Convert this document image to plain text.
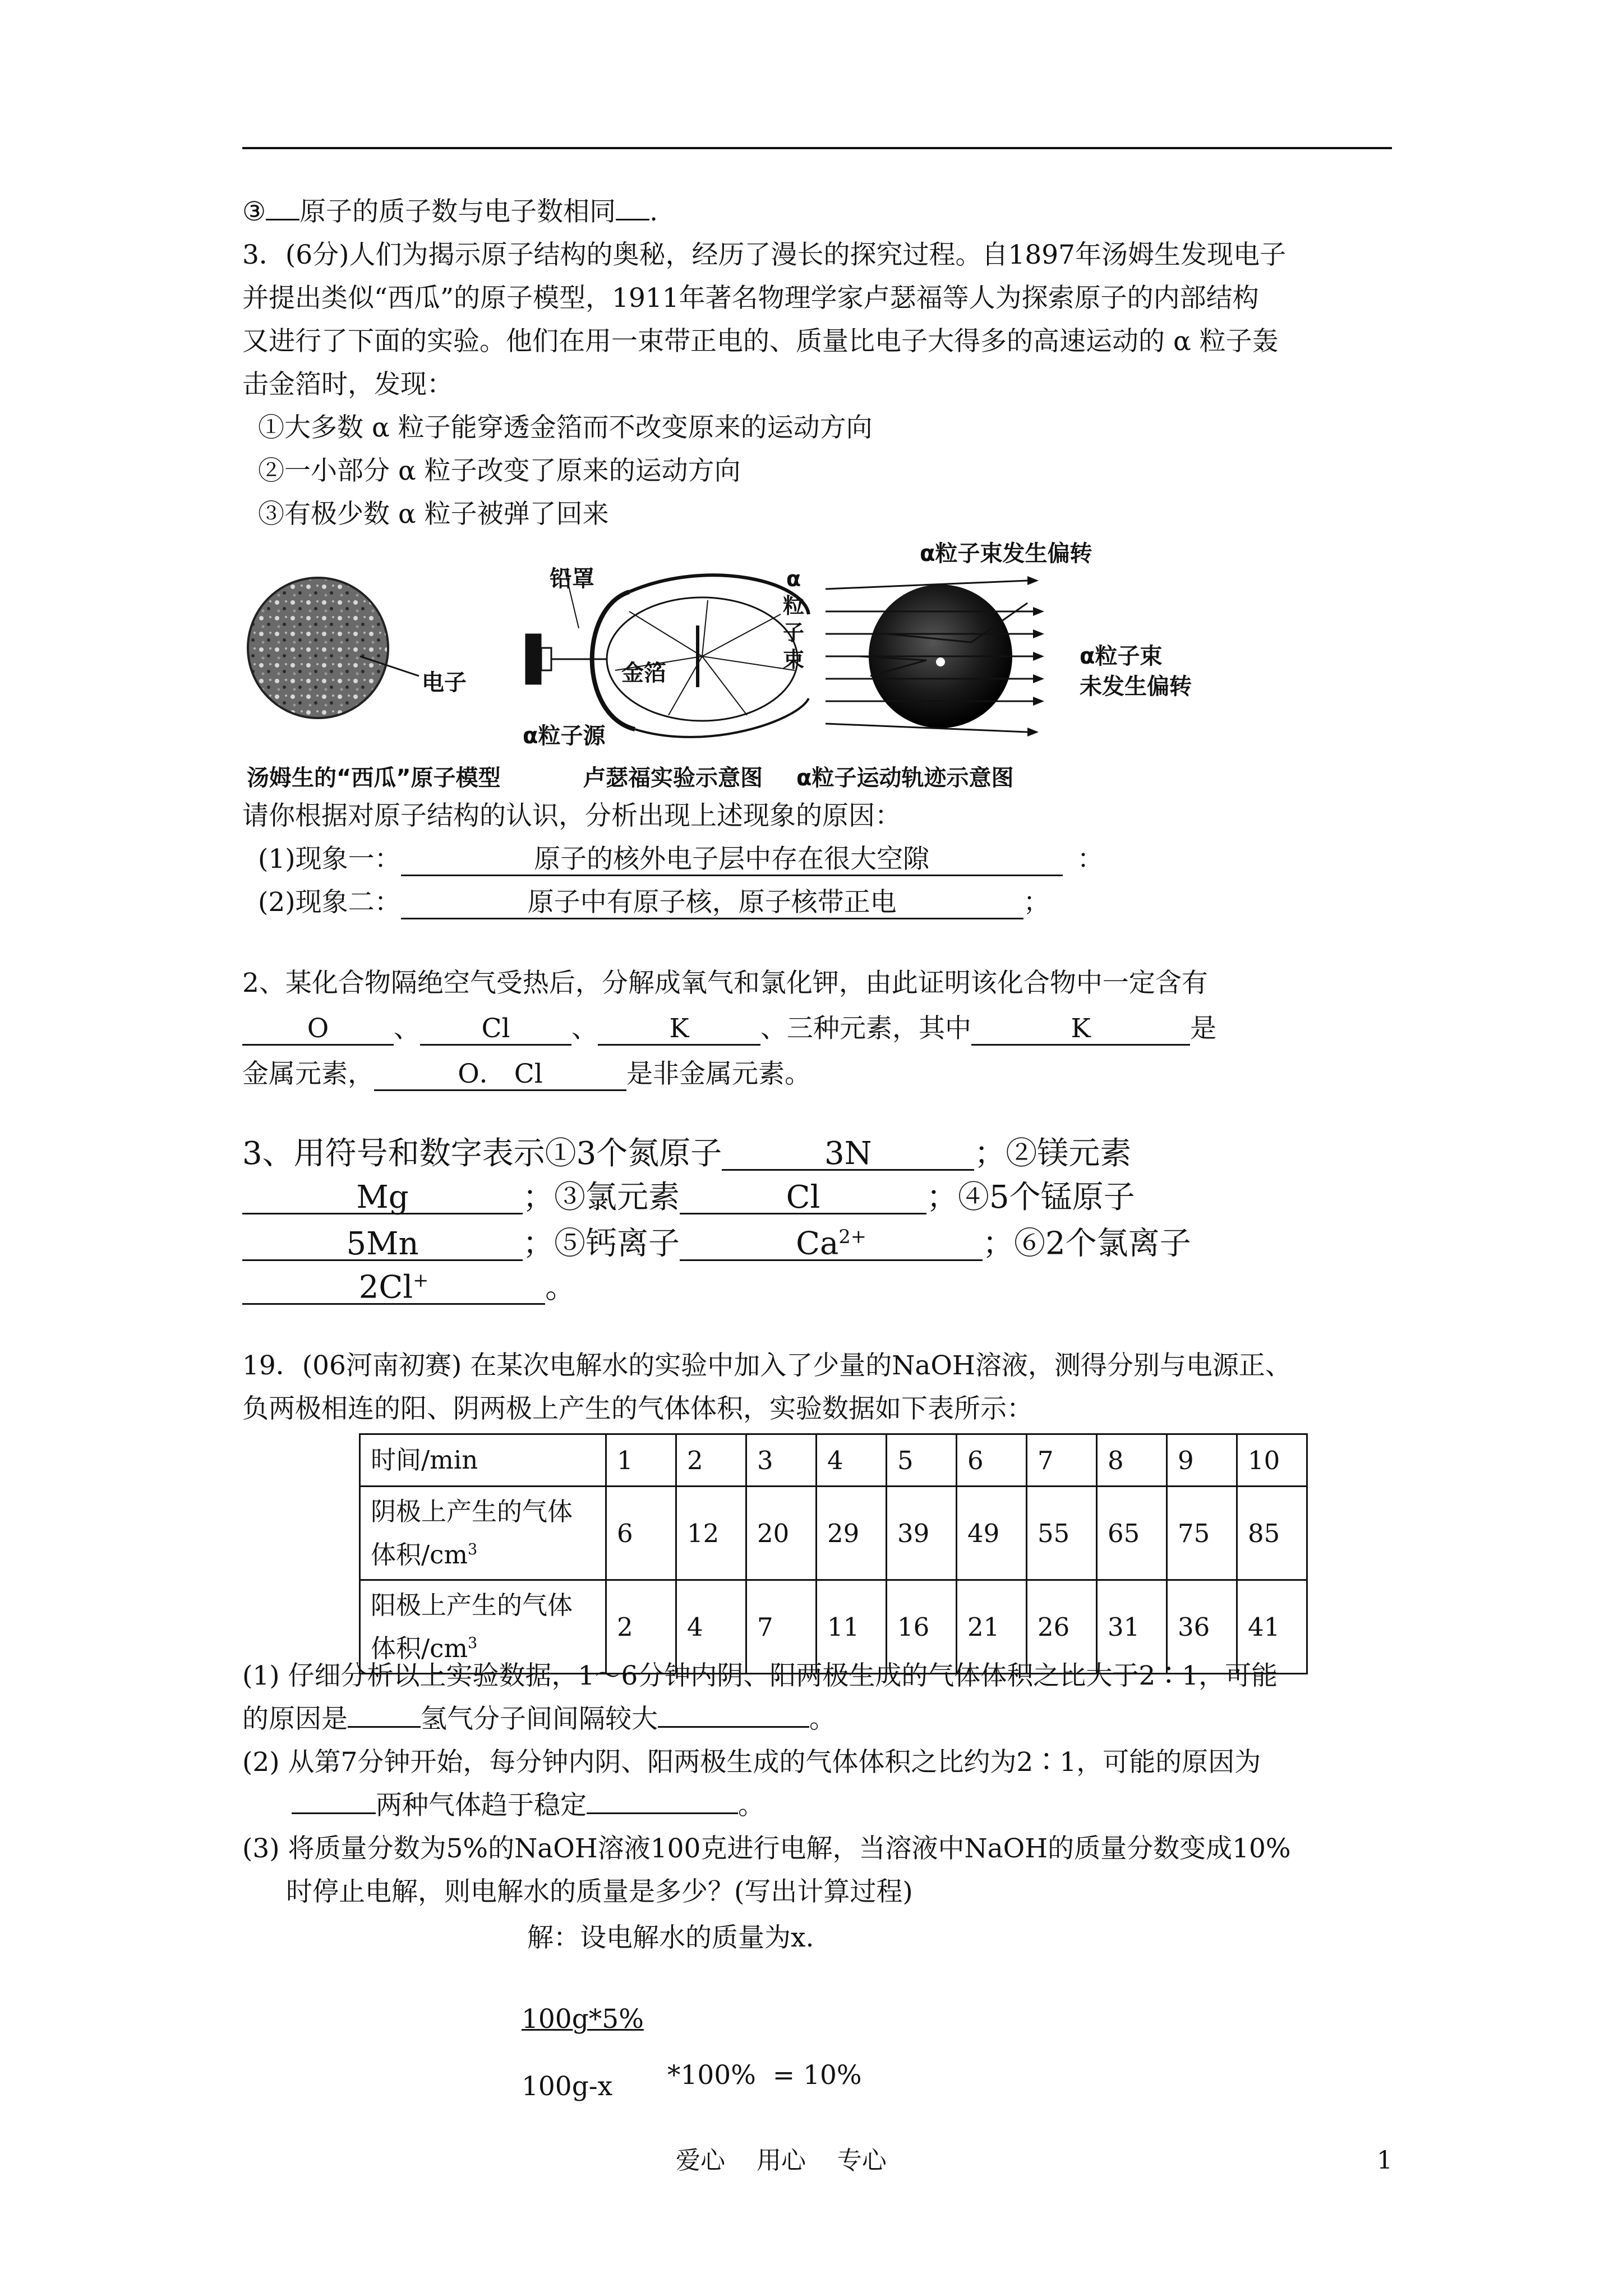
③ 原子的质子数与电子数相同 .
3．(6分)人们为揭示原子结构的奥秘，经历了漫长的探究过程。自1897年汤姆生发现电子
并提出类似“西瓜”的原子模型，1911年著名物理学家卢瑟福等人为探索原子的内部结构
又进行了下面的实验。他们在用一束带正电的、质量比电子大得多的高速运动的 α 粒子轰
击金箔时，发现：
①大多数 α 粒子能穿透金箔而不改变原来的运动方向
②一小部分 α 粒子改变了原来的运动方向
③有极少数 α 粒子被弹了回来
电子
铅罩
金箔
α粒子源
α
粒
子
束
α粒子束发生偏转
α粒子束
未发生偏转
汤姆生的“西瓜”原子模型	卢瑟福实验示意图 α粒子运动轨迹示意图
请你根据对原子结构的认识，分析出现上述现象的原因：
(1)现象一：	原子的核外电子层中存在很大空隙	：
(2)现象二：	原子中有原子核，原子核带正电	；
2、某化合物隔绝空气受热后，分解成氧气和氯化钾，由此证明该化合物中一定含有
O 、 Cl 、	K	、三种元素，其中	K	是
金属元素，	O． Cl	是非金属元素。
3、用符号和数字表示①3个氮原子	3N	；②镁元素
Mg	；③氯元素	Cl	；④5个锰原子
5Mn	；⑤钙离子	$Ca^{2+}$	；⑥2个氯离子
2Cl+	。
19．(06河南初赛) 在某次电解水的实验中加入了少量的NaOH溶液，测得分别与电源正、
负两极相连的阳、阴两极上产生的气体体积，实验数据如下表所示：
时间/min	1	2	3	4	5	6	7	8	9	10
阴极上产生的气体
体积$/cm^3$	6	12	20	29	39	49	55	65	75	85
阳极上产生的气体
体积$/cm^3$	2	4	7	11	16	21	26	31	36	41
(1) 仔细分析以上实验数据，1～6分钟内阴、阳两极生成的气体体积之比大于2∶1，可能
的原因是	氢气分子间间隔较大	。
(2) 从第7分钟开始，每分钟内阴、阳两极生成的气体体积之比约为2∶1，可能的原因为
两种气体趋于稳定	。
(3) 将质量分数为5%的NaOH溶液100克进行电解，当溶液中NaOH的质量分数变成10%
时停止电解，则电解水的质量是多少？(写出计算过程)
解：设电解水的质量为x.
100g*5%
100g-x *100%  = 10%
爱心    用心    专心	1
